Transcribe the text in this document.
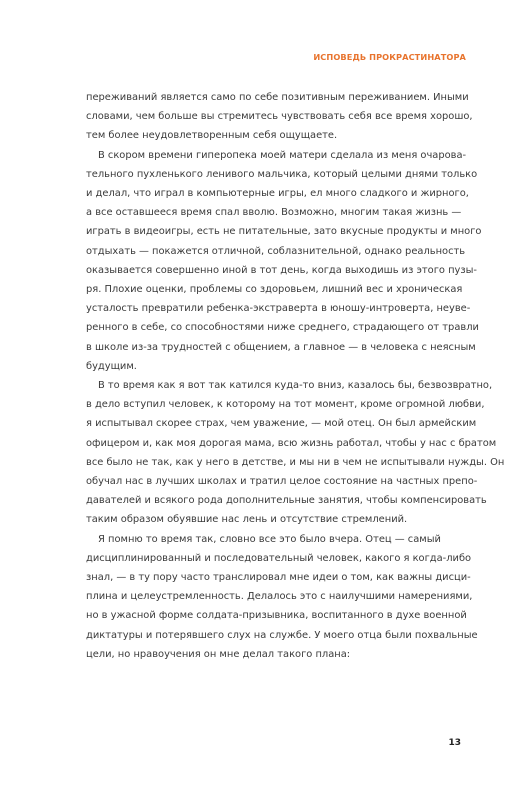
ИСПОВЕДЬ ПРОКРАСТИНАТОРА

переживаний является само по себе позитивным переживанием. Иными
словами, чем больше вы стремитесь чувствовать себя все время хорошо,
тем более неудовлетворенным себя ощущаете.

В скором времени гиперопека моей матери сделала из меня очарова-
тельного пухленького ленивого мальчика, который целыми днями только
и делал, что играл в компьютерные игры, ел много сладкого и жирного,
а все оставшееся время спал вволю. Возможно, многим такая жизнь —
играть в видеоигры, есть не питательные, зато вкусные продукты и много
отдыхать — покажется отличной, соблазнительной, однако реальность
оказывается совершенно иной в тот день, когда выходишь из этого пузы-
ря. Плохие оценки, проблемы со здоровьем, лишний вес и хроническая
усталость превратили ребенка-экстраверта в юношу-интроверта, неуве-
ренного в себе, со способностями ниже среднего, страдающего от травли
в школе из-за трудностей с общением, а главное — в человека с неясным
будущим.

В то время как я вот так катился куда-то вниз, казалось бы, безвозвратно,
в дело вступил человек, к которому на тот момент, кроме огромной любви,
я испытывал скорее страх, чем уважение, — мой отец. Он был армейским
офицером и, как моя дорогая мама, всю жизнь работал, чтобы у нас с братом
все было не так, как у него в детстве, и мы ни в чем не испытывали нужды. Он
обучал нас в лучших школах и тратил целое состояние на частных препо-
давателей и всякого рода дополнительные занятия, чтобы компенсировать
таким образом обуявшие нас лень и отсутствие стремлений.

Я помню то время так, словно все это было вчера. Отец — самый
дисциплинированный и последовательный человек, какого я когда-либо
знал, — в ту пору часто транслировал мне идеи о том, как важны дисци-
плина и целеустремленность. Делалось это с наилучшими намерениями,
но в ужасной форме солдата-призывника, воспитанного в духе военной
диктатуры и потерявшего слух на службе. У моего отца были похвальные
цели, но нравоучения он мне делал такого плана:

13
